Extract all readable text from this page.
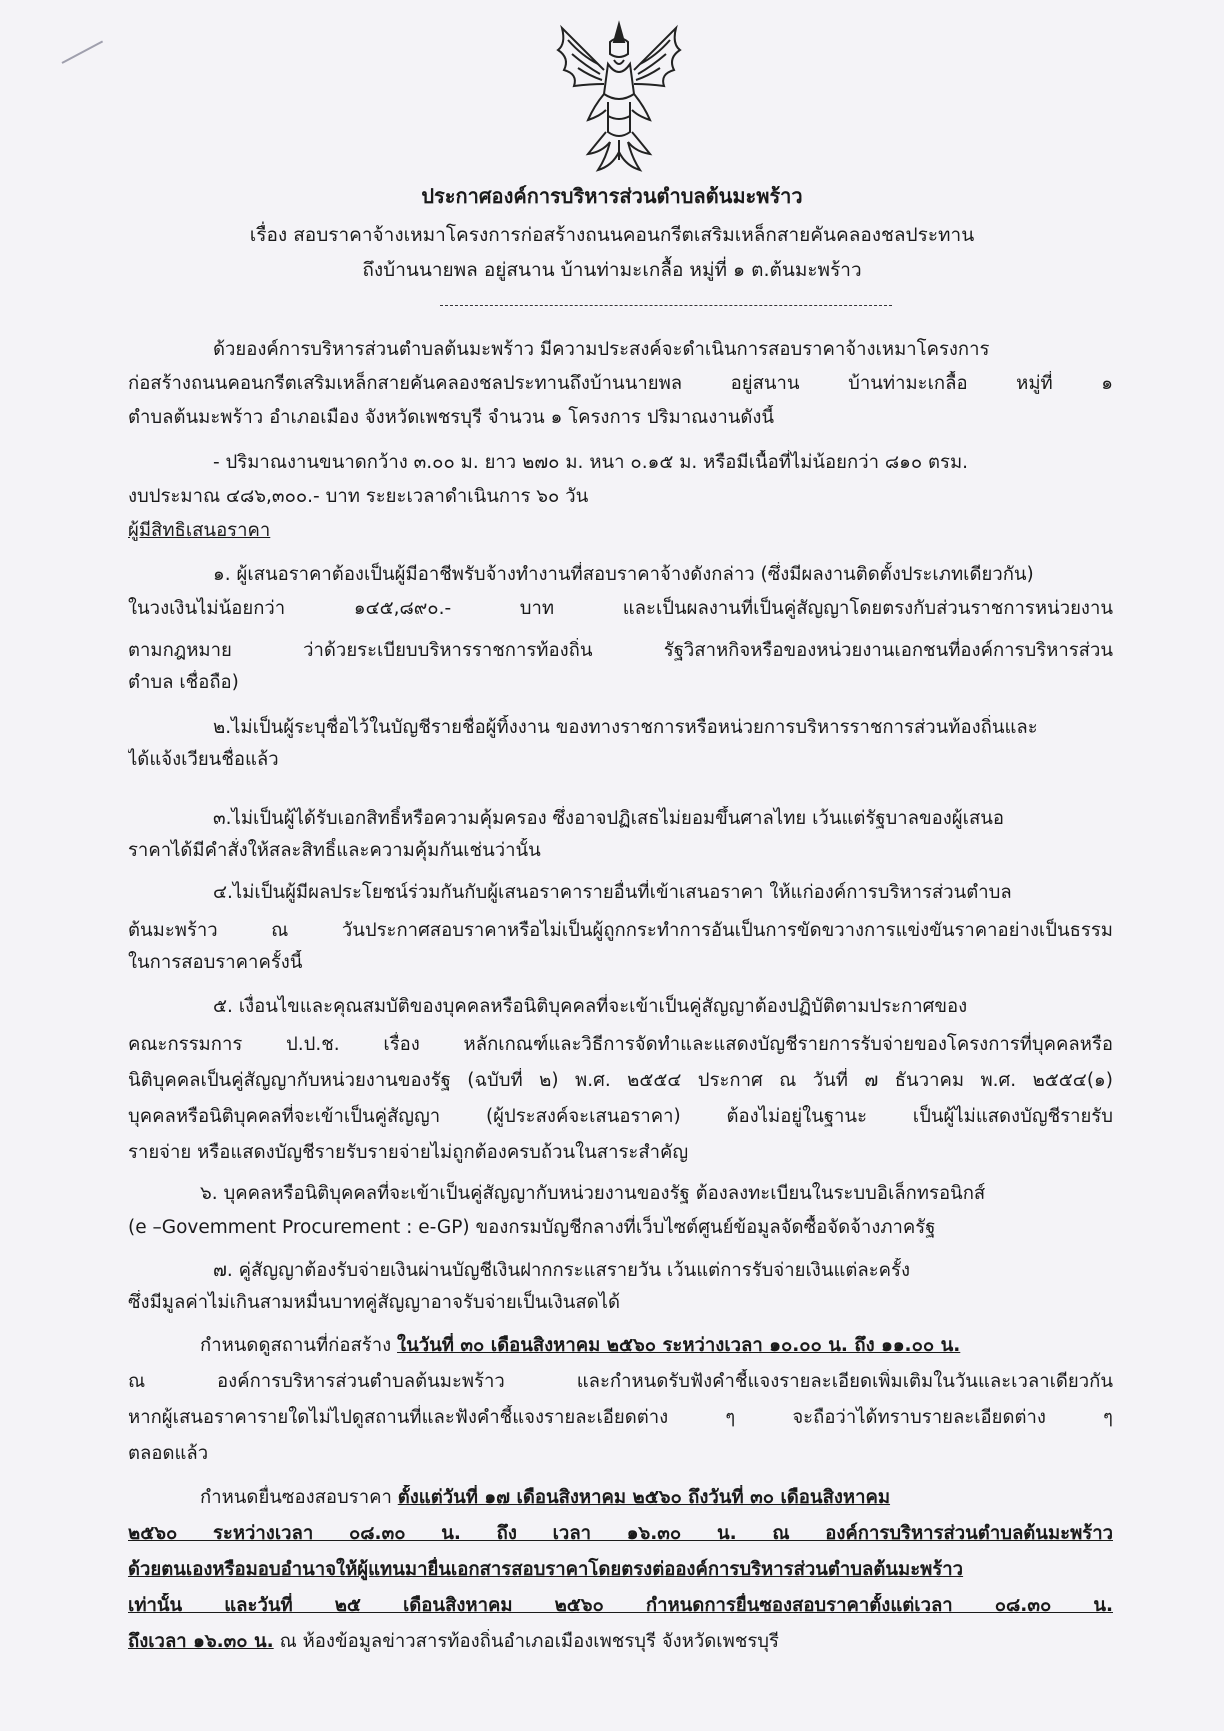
ประกาศองค์การบริหารส่วนตำบลต้นมะพร้าว
เรื่อง สอบราคาจ้างเหมาโครงการก่อสร้างถนนคอนกรีตเสริมเหล็กสายคันคลองชลประทาน
ถึงบ้านนายพล อยู่สนาน บ้านท่ามะเกลื้อ หมู่ที่ ๑ ต.ต้นมะพร้าว
ด้วยองค์การบริหารส่วนตำบลต้นมะพร้าว มีความประสงค์จะดำเนินการสอบราคาจ้างเหมาโครงการ
ก่อสร้างถนนคอนกรีตเสริมเหล็กสายคันคลองชลประทานถึงบ้านนายพล อยู่สนาน บ้านท่ามะเกลื้อ หมู่ที่ ๑
ตำบลต้นมะพร้าว อำเภอเมือง จังหวัดเพชรบุรี จำนวน ๑ โครงการ ปริมาณงานดังนี้
- ปริมาณงานขนาดกว้าง ๓.๐๐ ม. ยาว ๒๗๐ ม. หนา ๐.๑๕ ม. หรือมีเนื้อที่ไม่น้อยกว่า ๘๑๐ ตรม.
งบประมาณ ๔๘๖,๓๐๐.- บาท ระยะเวลาดำเนินการ ๖๐ วัน
ผู้มีสิทธิเสนอราคา
๑. ผู้เสนอราคาต้องเป็นผู้มีอาชีพรับจ้างทำงานที่สอบราคาจ้างดังกล่าว (ซึ่งมีผลงานติดตั้งประเภทเดียวกัน)
ในวงเงินไม่น้อยกว่า ๑๔๕,๘๙๐.- บาท และเป็นผลงานที่เป็นคู่สัญญาโดยตรงกับส่วนราชการหน่วยงาน
ตามกฎหมาย ว่าด้วยระเบียบบริหารราชการท้องถิ่น รัฐวิสาหกิจหรือของหน่วยงานเอกชนที่องค์การบริหารส่วน
ตำบล เชื่อถือ)
๒.ไม่เป็นผู้ระบุชื่อไว้ในบัญชีรายชื่อผู้ทิ้งงาน ของทางราชการหรือหน่วยการบริหารราชการส่วนท้องถิ่นและ
ได้แจ้งเวียนชื่อแล้ว
๓.ไม่เป็นผู้ได้รับเอกสิทธิ์หรือความคุ้มครอง ซึ่งอาจปฏิเสธไม่ยอมขึ้นศาลไทย เว้นแต่รัฐบาลของผู้เสนอ
ราคาได้มีคำสั่งให้สละสิทธิ์และความคุ้มกันเช่นว่านั้น
๔.ไม่เป็นผู้มีผลประโยชน์ร่วมกันกับผู้เสนอราคารายอื่นที่เข้าเสนอราคา ให้แก่องค์การบริหารส่วนตำบล
ต้นมะพร้าว ณ วันประกาศสอบราคาหรือไม่เป็นผู้ถูกกระทำการอันเป็นการขัดขวางการแข่งขันราคาอย่างเป็นธรรม
ในการสอบราคาครั้งนี้
๕. เงื่อนไขและคุณสมบัติของบุคคลหรือนิติบุคคลที่จะเข้าเป็นคู่สัญญาต้องปฏิบัติตามประกาศของ
คณะกรรมการ ป.ป.ช. เรื่อง หลักเกณฑ์และวิธีการจัดทำและแสดงบัญชีรายการรับจ่ายของโครงการที่บุคคลหรือ
นิติบุคคลเป็นคู่สัญญากับหน่วยงานของรัฐ (ฉบับที่ ๒) พ.ศ. ๒๕๕๔ ประกาศ ณ วันที่ ๗ ธันวาคม พ.ศ. ๒๕๕๔(๑)
บุคคลหรือนิติบุคคลที่จะเข้าเป็นคู่สัญญา (ผู้ประสงค์จะเสนอราคา) ต้องไม่อยู่ในฐานะ เป็นผู้ไม่แสดงบัญชีรายรับ
รายจ่าย หรือแสดงบัญชีรายรับรายจ่ายไม่ถูกต้องครบถ้วนในสาระสำคัญ
๖. บุคคลหรือนิติบุคคลที่จะเข้าเป็นคู่สัญญากับหน่วยงานของรัฐ ต้องลงทะเบียนในระบบอิเล็กทรอนิกส์
(e –Govemment Procurement : e-GP) ของกรมบัญชีกลางที่เว็บไซต์ศูนย์ข้อมูลจัดซื้อจัดจ้างภาครัฐ
๗. คู่สัญญาต้องรับจ่ายเงินผ่านบัญชีเงินฝากกระแสรายวัน เว้นแต่การรับจ่ายเงินแต่ละครั้ง
ซึ่งมีมูลค่าไม่เกินสามหมื่นบาทคู่สัญญาอาจรับจ่ายเป็นเงินสดได้
กำหนดดูสถานที่ก่อสร้าง ในวันที่ ๓๐ เดือนสิงหาคม ๒๕๖๐ ระหว่างเวลา ๑๐.๐๐ น. ถึง ๑๑.๐๐ น.
ณ องค์การบริหารส่วนตำบลต้นมะพร้าว และกำหนดรับฟังคำชี้แจงรายละเอียดเพิ่มเติมในวันและเวลาเดียวกัน
หากผู้เสนอราคารายใดไม่ไปดูสถานที่และฟังคำชี้แจงรายละเอียดต่าง ๆ จะถือว่าได้ทราบรายละเอียดต่าง ๆ
ตลอดแล้ว
กำหนดยื่นซองสอบราคา ตั้งแต่วันที่ ๑๗ เดือนสิงหาคม ๒๕๖๐ ถึงวันที่ ๓๐ เดือนสิงหาคม
๒๕๖๐ ระหว่างเวลา ๐๘.๓๐ น. ถึง เวลา ๑๖.๓๐ น. ณ องค์การบริหารส่วนตำบลต้นมะพร้าว
ด้วยตนเองหรือมอบอำนาจให้ผู้แทนมายื่นเอกสารสอบราคาโดยตรงต่อองค์การบริหารส่วนตำบลต้นมะพร้าว
เท่านั้น และวันที่ ๒๕ เดือนสิงหาคม ๒๕๖๐ กำหนดการยื่นซองสอบราคาตั้งแต่เวลา ๐๘.๓๐ น.
ถึงเวลา ๑๖.๓๐ น. ณ ห้องข้อมูลข่าวสารท้องถิ่นอำเภอเมืองเพชรบุรี จังหวัดเพชรบุรี
